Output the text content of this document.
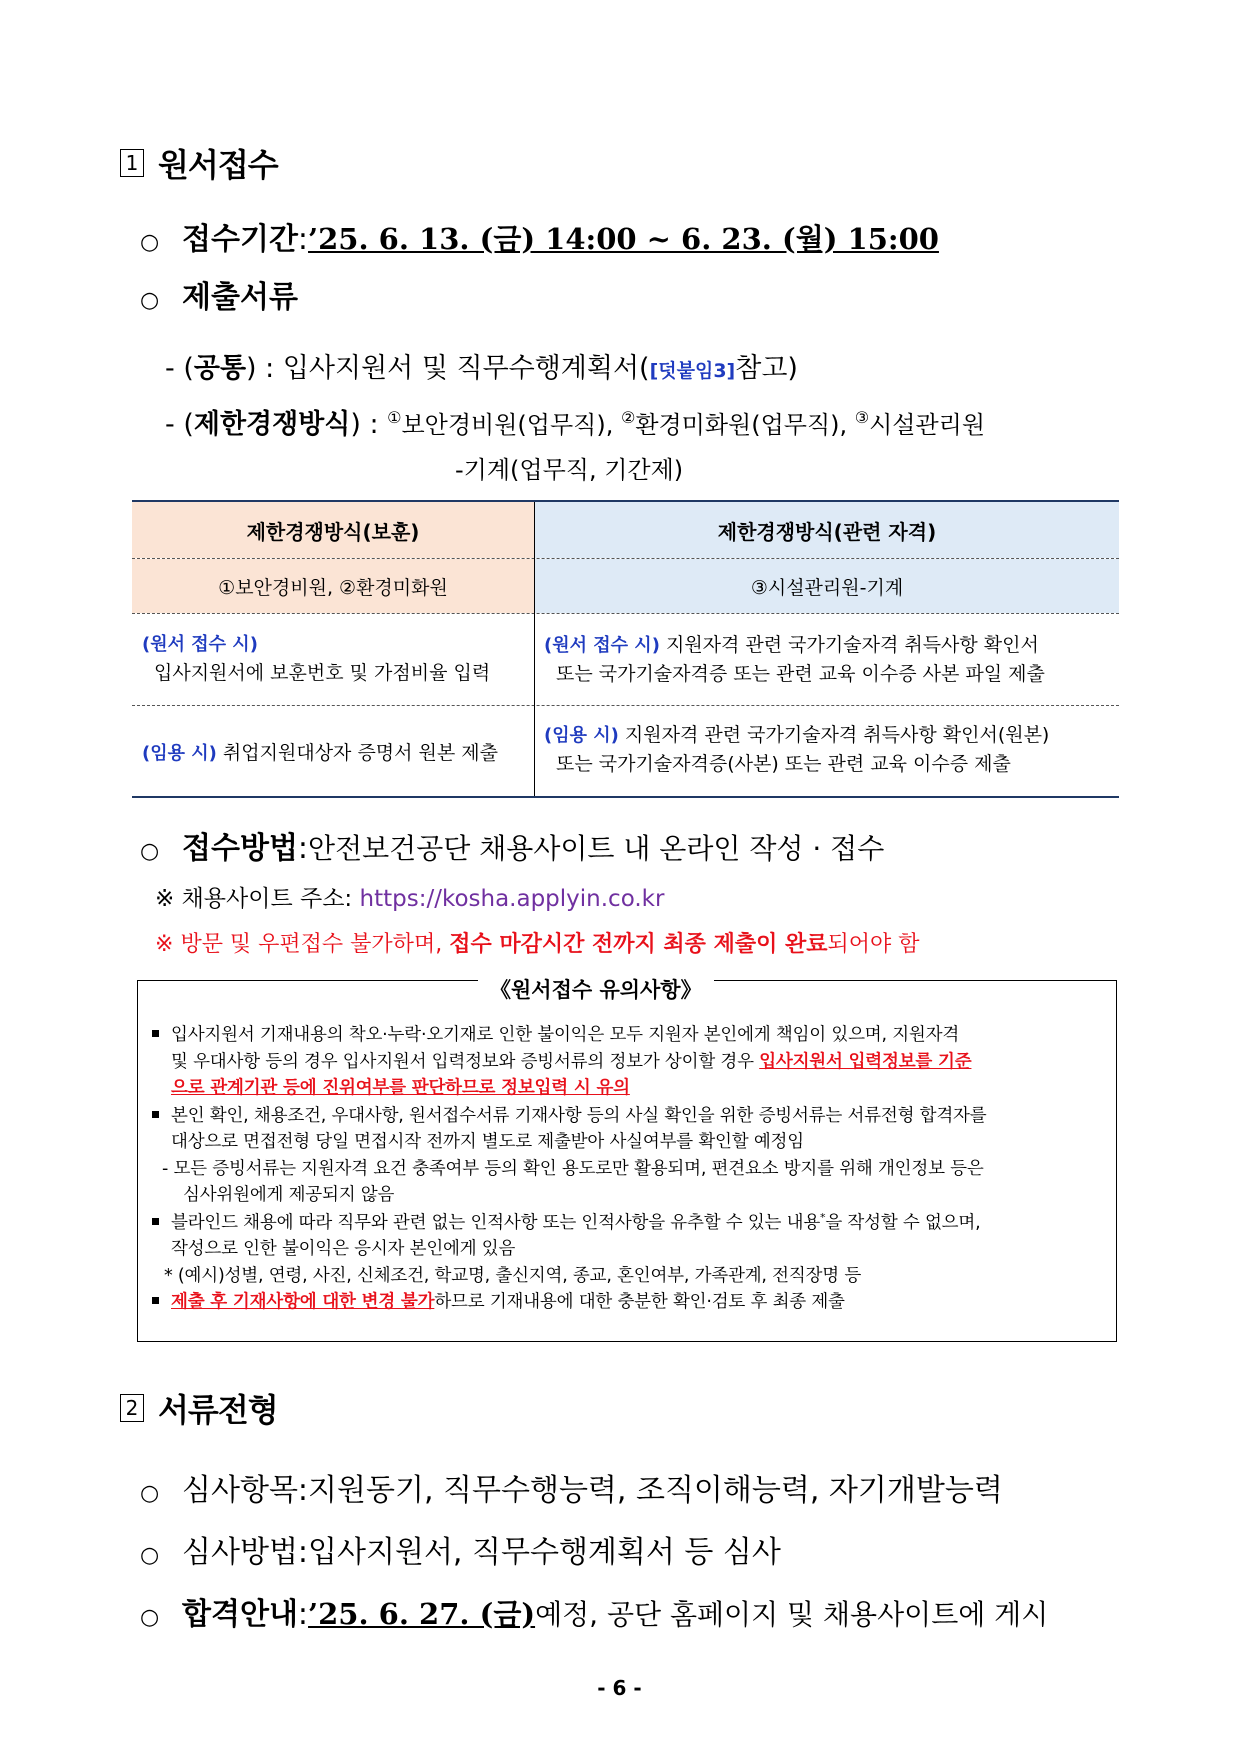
1 원서접수
○ 접수기간 : ’25. 6. 13. (금) 14:00 ~ 6. 23. (월) 15:00
○ 제출서류
- (공통) : 입사지원서 및 직무수행계획서([덧붙임3]참고)
- (제한경쟁방식) : ①보안경비원(업무직), ②환경미화원(업무직), ③시설관리원
-기계(업무직, 기간제)
제한경쟁방식(보훈)	제한경쟁방식(관련 자격)
①보안경비원, ②환경미화원	③시설관리원-기계
(원서 접수 시)
입사지원서에 보훈번호 및 가점비율 입력
(원서 접수 시) 지원자격 관련 국가기술자격 취득사항 확인서
또는 국가기술자격증 또는 관련 교육 이수증 사본 파일 제출
(임용 시) 취업지원대상자 증명서 원본 제출
(임용 시) 지원자격 관련 국가기술자격 취득사항 확인서(원본)
또는 국가기술자격증(사본) 또는 관련 교육 이수증 제출
○ 접수방법 : 안전보건공단 채용사이트 내 온라인 작성 · 접수
※ 채용사이트 주소: https://kosha.applyin.co.kr
※ 방문 및 우편접수 불가하며, 접수 마감시간 전까지 최종 제출이 완료되어야 함
《원서접수 유의사항》
입사지원서 기재내용의 착오·누락·오기재로 인한 불이익은 모두 지원자 본인에게 책임이 있으며, 지원자격
및 우대사항 등의 경우 입사지원서 입력정보와 증빙서류의 정보가 상이할 경우 입사지원서 입력정보를 기준
으로 관계기관 등에 진위여부를 판단하므로 정보입력 시 유의
본인 확인, 채용조건, 우대사항, 원서접수서류 기재사항 등의 사실 확인을 위한 증빙서류는 서류전형 합격자를
대상으로 면접전형 당일 면접시작 전까지 별도로 제출받아 사실여부를 확인할 예정임
- 모든 증빙서류는 지원자격 요건 충족여부 등의 확인 용도로만 활용되며, 편견요소 방지를 위해 개인정보 등은
심사위원에게 제공되지 않음
블라인드 채용에 따라 직무와 관련 없는 인적사항 또는 인적사항을 유추할 수 있는 내용*을 작성할 수 없으며,
작성으로 인한 불이익은 응시자 본인에게 있음
* (예시)성별, 연령, 사진, 신체조건, 학교명, 출신지역, 종교, 혼인여부, 가족관계, 전직장명 등
제출 후 기재사항에 대한 변경 불가하므로 기재내용에 대한 충분한 확인·검토 후 최종 제출
2 서류전형
○ 심사항목 : 지원동기, 직무수행능력, 조직이해능력, 자기개발능력
○ 심사방법 : 입사지원서, 직무수행계획서 등 심사
○ 합격안내 : ’25. 6. 27. (금) 예정, 공단 홈페이지 및 채용사이트에 게시
- 6 -
